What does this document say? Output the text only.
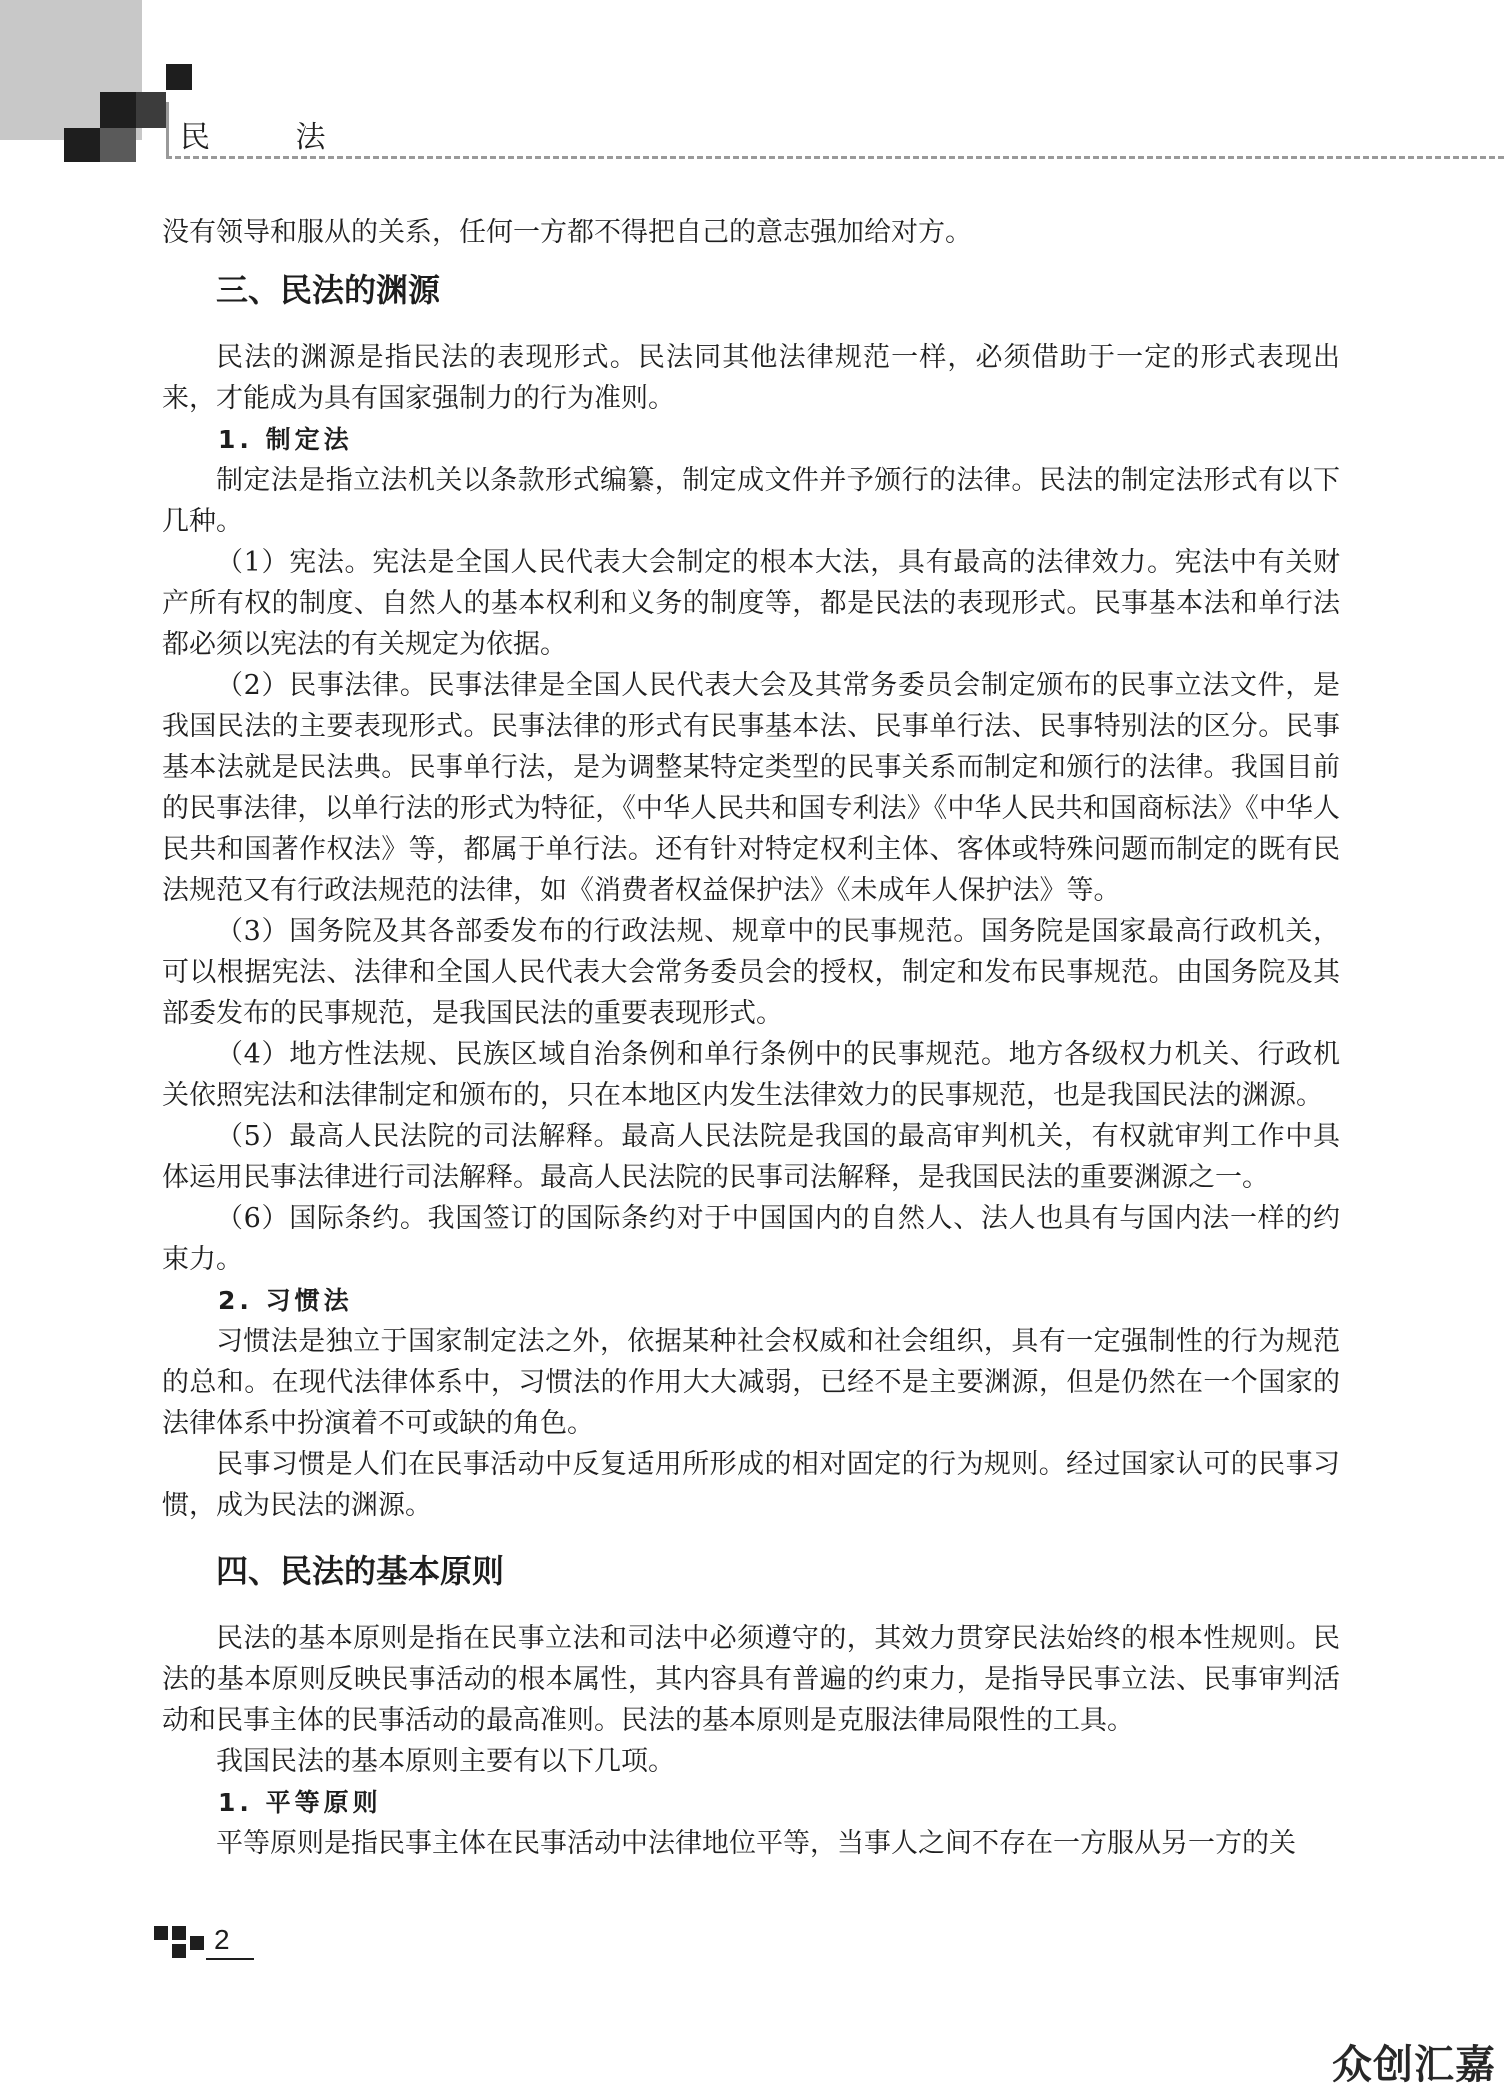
民 法

没有领导和服从的关系，任何一方都不得把自己的意志强加给对方。

三、民法的渊源

民法的渊源是指民法的表现形式。民法同其他法律规范一样，必须借助于一定的形式表现出来，才能成为具有国家强制力的行为准则。

1. 制定法

制定法是指立法机关以条款形式编纂，制定成文件并予颁行的法律。民法的制定法形式有以下几种。

（1）宪法。宪法是全国人民代表大会制定的根本大法，具有最高的法律效力。宪法中有关财产所有权的制度、自然人的基本权利和义务的制度等，都是民法的表现形式。民事基本法和单行法都必须以宪法的有关规定为依据。

（2）民事法律。民事法律是全国人民代表大会及其常务委员会制定颁布的民事立法文件，是我国民法的主要表现形式。民事法律的形式有民事基本法、民事单行法、民事特别法的区分。民事基本法就是民法典。民事单行法，是为调整某特定类型的民事关系而制定和颁行的法律。我国目前的民事法律，以单行法的形式为特征，《中华人民共和国专利法》《中华人民共和国商标法》《中华人民共和国著作权法》等，都属于单行法。还有针对特定权利主体、客体或特殊问题而制定的既有民法规范又有行政法规范的法律，如《消费者权益保护法》《未成年人保护法》等。

（3）国务院及其各部委发布的行政法规、规章中的民事规范。国务院是国家最高行政机关，可以根据宪法、法律和全国人民代表大会常务委员会的授权，制定和发布民事规范。由国务院及其部委发布的民事规范，是我国民法的重要表现形式。

（4）地方性法规、民族区域自治条例和单行条例中的民事规范。地方各级权力机关、行政机关依照宪法和法律制定和颁布的，只在本地区内发生法律效力的民事规范，也是我国民法的渊源。

（5）最高人民法院的司法解释。最高人民法院是我国的最高审判机关，有权就审判工作中具体运用民事法律进行司法解释。最高人民法院的民事司法解释，是我国民法的重要渊源之一。

（6）国际条约。我国签订的国际条约对于中国国内的自然人、法人也具有与国内法一样的约束力。

2. 习惯法

习惯法是独立于国家制定法之外，依据某种社会权威和社会组织，具有一定强制性的行为规范的总和。在现代法律体系中，习惯法的作用大大减弱，已经不是主要渊源，但是仍然在一个国家的法律体系中扮演着不可或缺的角色。

民事习惯是人们在民事活动中反复适用所形成的相对固定的行为规则。经过国家认可的民事习惯，成为民法的渊源。

四、民法的基本原则

民法的基本原则是指在民事立法和司法中必须遵守的，其效力贯穿民法始终的根本性规则。民法的基本原则反映民事活动的根本属性，其内容具有普遍的约束力，是指导民事立法、民事审判活动和民事主体的民事活动的最高准则。民法的基本原则是克服法律局限性的工具。

我国民法的基本原则主要有以下几项。

1. 平等原则

平等原则是指民事主体在民事活动中法律地位平等，当事人之间不存在一方服从另一方的关

2
众创汇嘉
